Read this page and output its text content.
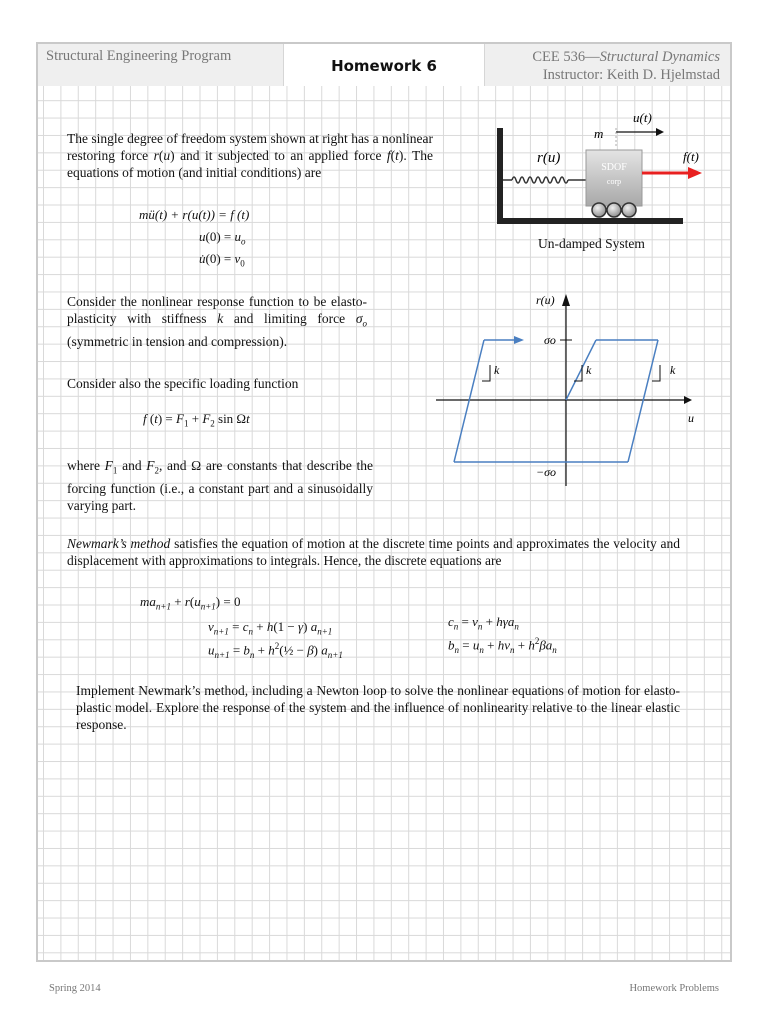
Structural Engineering Program
Homework 6	CEE 536—Structural Dynamics
Instructor: Keith D. Hjelmstad
The single degree of freedom system shown at right has a nonlinear restoring force r(u) and it subjected to an applied force f(t). The equations of motion (and initial conditions) are
mü(t) + r(u(t)) = f (t)
$u(0) = u_o$
u̇(0) = $v_0$
Consider the nonlinear response function to be elasto-plasticity with stiffness k and limiting force $\sigma_o$ (symmetric in tension and compression).
Consider also the specific loading function
f $(t) = F_1 + F_2$ sin Ωt
where $F_1$ and $F_2$, and Ω are constants that describe the forcing function (i.e., a constant part and a sinusoidally varying part.
Newmark’s method satisfies the equation of motion at the discrete time points and approximates the velocity and displacement with approximations to integrals. Hence, the discrete equations are
$ma_{n+1} + r(u_{n+1}) = 0$
$v_{n+1} = c_n + h(1 - \gamma)$ $a_{n+1}$
$u_{n+1} = b_n$ + $h^2(\frac{1}{2} - \beta)$ $a_{n+1}$
$c_n = v_n + h\gamma a_n$
$b_n = u_n + hv_n + h^2\beta a_n$
Implement Newmark’s method, including a Newton loop to solve the nonlinear equations of motion for elasto-plastic model. Explore the response of the system and the influence of nonlinearity relative to the linear elastic response.
SDOF
corp
u(t)
m
r(u)	f(t)
Un-damped System
k	k	k
r(u)
u
σo
−σo
Spring 2014	Homework Problems
